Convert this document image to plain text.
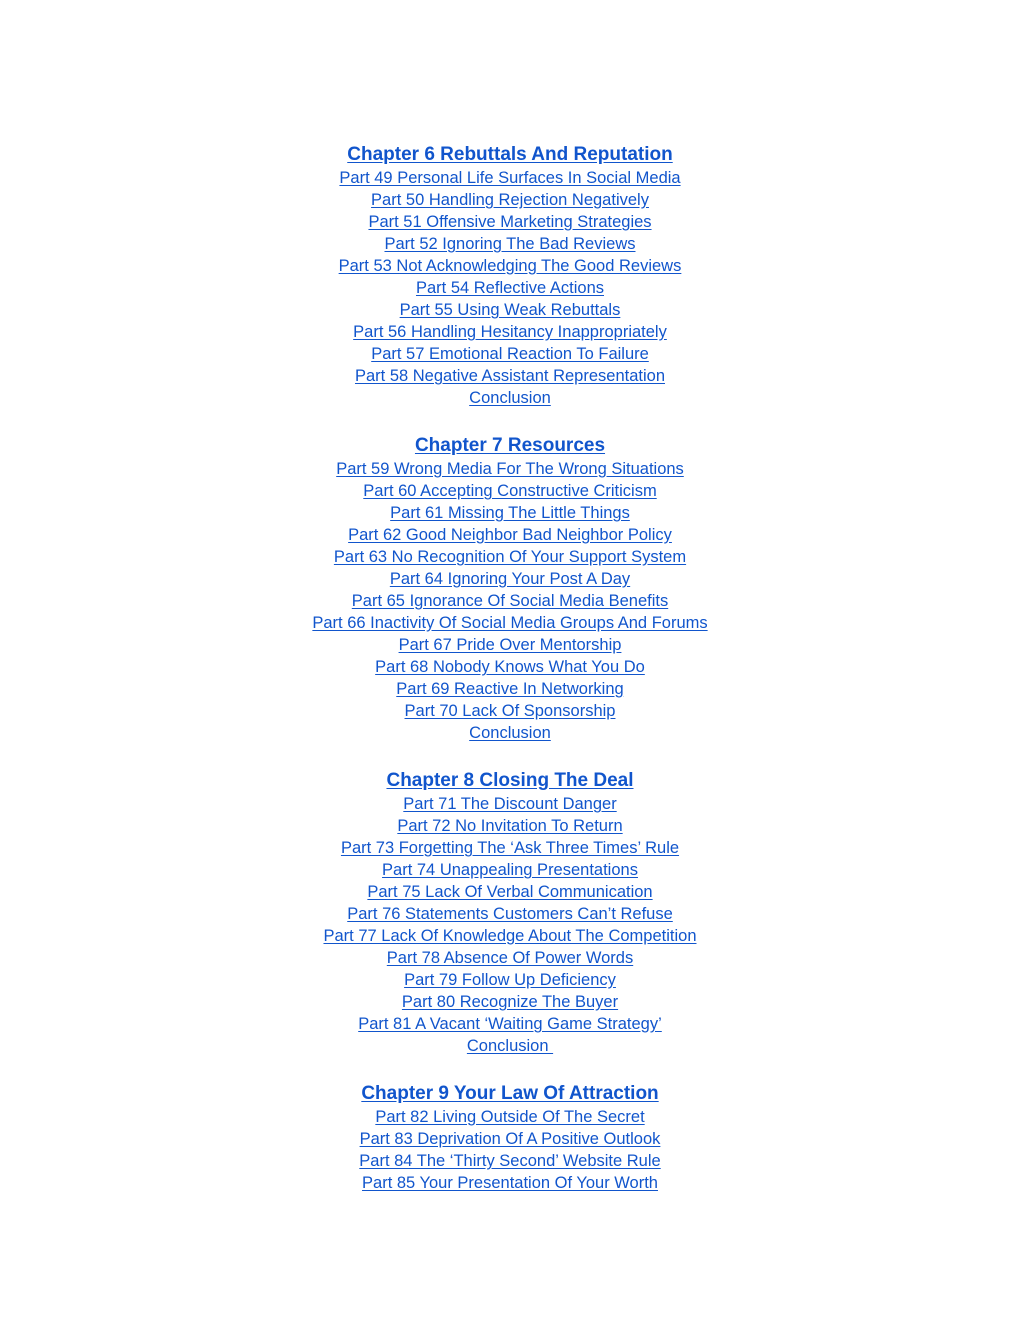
Chapter 6 Rebuttals And Reputation
Part 49 Personal Life Surfaces In Social Media
Part 50 Handling Rejection Negatively
Part 51 Offensive Marketing Strategies
Part 52 Ignoring The Bad Reviews
Part 53 Not Acknowledging The Good Reviews
Part 54 Reflective Actions
Part 55 Using Weak Rebuttals
Part 56 Handling Hesitancy Inappropriately
Part 57 Emotional Reaction To Failure
Part 58 Negative Assistant Representation
Conclusion
Chapter 7 Resources
Part 59 Wrong Media For The Wrong Situations
Part 60 Accepting Constructive Criticism
Part 61 Missing The Little Things
Part 62 Good Neighbor Bad Neighbor Policy
Part 63 No Recognition Of Your Support System
Part 64 Ignoring Your Post A Day
Part 65 Ignorance Of Social Media Benefits
Part 66 Inactivity Of Social Media Groups And Forums
Part 67 Pride Over Mentorship
Part 68 Nobody Knows What You Do
Part 69 Reactive In Networking
Part 70 Lack Of Sponsorship
Conclusion
Chapter 8 Closing The Deal
Part 71 The Discount Danger
Part 72 No Invitation To Return
Part 73 Forgetting The ‘Ask Three Times’ Rule
Part 74 Unappealing Presentations
Part 75 Lack Of Verbal Communication
Part 76 Statements Customers Can’t Refuse
Part 77 Lack Of Knowledge About The Competition
Part 78 Absence Of Power Words
Part 79 Follow Up Deficiency
Part 80 Recognize The Buyer
Part 81 A Vacant ‘Waiting Game Strategy’
Conclusion
Chapter 9 Your Law Of Attraction
Part 82 Living Outside Of The Secret
Part 83 Deprivation Of A Positive Outlook
Part 84 The ‘Thirty Second’ Website Rule
Part 85 Your Presentation Of Your Worth
